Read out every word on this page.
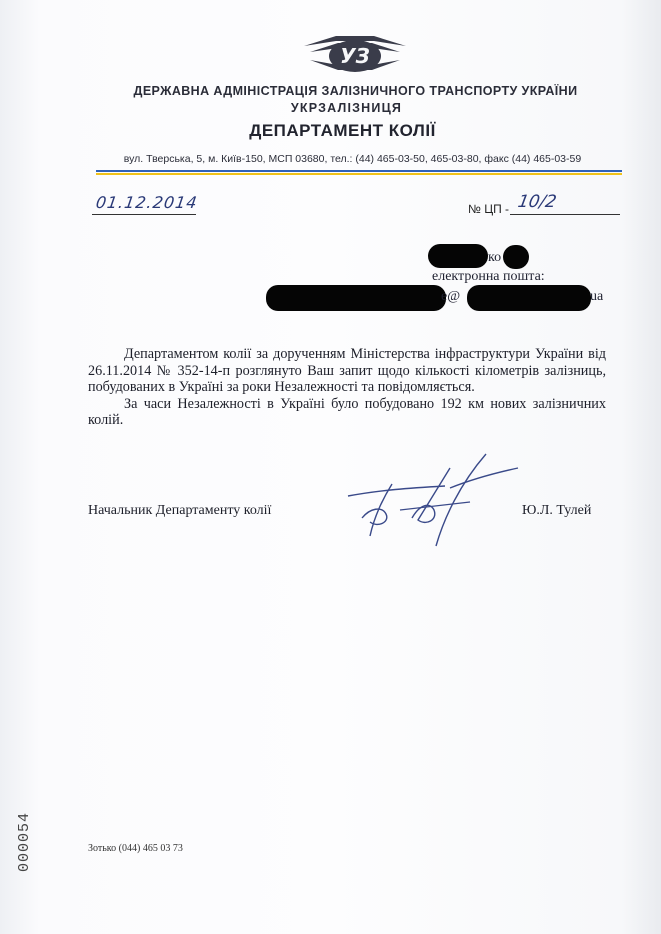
УЗ
ДЕРЖАВНА АДМІНІСТРАЦІЯ ЗАЛІЗНИЧНОГО ТРАНСПОРТУ УКРАЇНИ
УКРЗАЛІЗНИЦЯ
ДЕПАРТАМЕНТ КОЛІЇ
вул. Тверська, 5, м. Київ-150, МСП 03680, тел.: (44) 465-03-50, 465-03-80, факс (44) 465-03-59
01.12.2014	№ ЦП - 10/2
ко
електронна пошта:
e@	ua

Департаментом колії за дорученням Міністерства інфраструктури України від 26.11.2014 № 352-14-п розглянуто Ваш запит щодо кількості кілометрів залізниць, побудованих в Україні за роки Незалежності та повідомляється.

За часи Незалежності в Україні було побудовано 192 км нових залізничних колій.

Начальник Департаменту колії	Ю.Л. Тулей
Зотько (044) 465 03 73
000054
